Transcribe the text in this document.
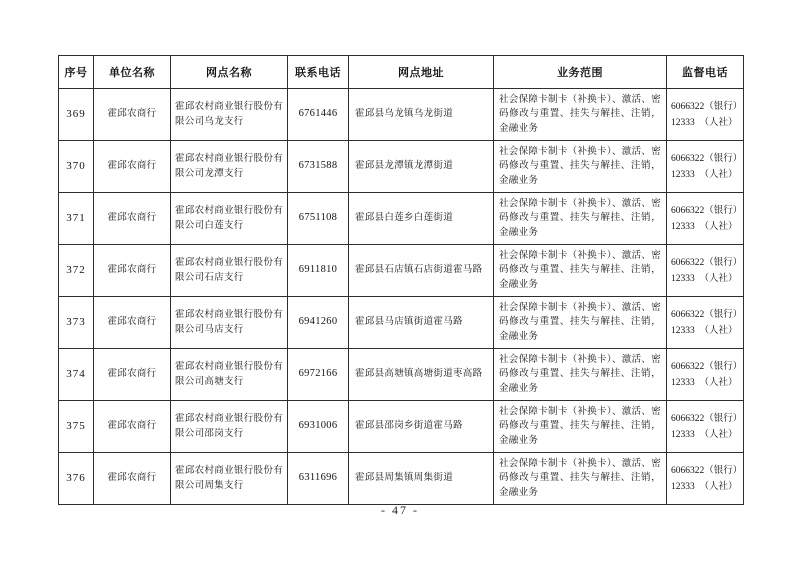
序号	单位名称	网点名称	联系电话	网点地址	业务范围	监督电话
369	霍邱农商行	霍邱农村商业银行股份有限公司乌龙支行	6761446	霍邱县乌龙镇乌龙街道	社会保障卡制卡（补换卡）、激活、密码修改与重置、挂失与解挂、注销，金融业务	6066322（银行）
12333　（人社）

370	霍邱农商行	霍邱农村商业银行股份有限公司龙潭支行	6731588	霍邱县龙潭镇龙潭街道	社会保障卡制卡（补换卡）、激活、密码修改与重置、挂失与解挂、注销，金融业务	6066322（银行）
12333　（人社）

371	霍邱农商行	霍邱农村商业银行股份有限公司白莲支行	6751108	霍邱县白莲乡白莲街道	社会保障卡制卡（补换卡）、激活、密码修改与重置、挂失与解挂、注销，金融业务	6066322（银行）
12333　（人社）

372	霍邱农商行	霍邱农村商业银行股份有限公司石店支行	6911810	霍邱县石店镇石店街道霍马路	社会保障卡制卡（补换卡）、激活、密码修改与重置、挂失与解挂、注销，金融业务	6066322（银行）
12333　（人社）

373	霍邱农商行	霍邱农村商业银行股份有限公司马店支行	6941260	霍邱县马店镇街道霍马路	社会保障卡制卡（补换卡）、激活、密码修改与重置、挂失与解挂、注销，金融业务	6066322（银行）
12333　（人社）

374	霍邱农商行	霍邱农村商业银行股份有限公司高塘支行	6972166	霍邱县高塘镇高塘街道枣高路	社会保障卡制卡（补换卡）、激活、密码修改与重置、挂失与解挂、注销，金融业务	6066322（银行）
12333　（人社）

375	霍邱农商行	霍邱农村商业银行股份有限公司邵岗支行	6931006	霍邱县邵岗乡街道霍马路	社会保障卡制卡（补换卡）、激活、密码修改与重置、挂失与解挂、注销，金融业务	6066322（银行）
12333　（人社）

376	霍邱农商行	霍邱农村商业银行股份有限公司周集支行	6311696	霍邱县周集镇周集街道	社会保障卡制卡（补换卡）、激活、密码修改与重置、挂失与解挂、注销，金融业务	6066322（银行）
12333　（人社）
- 47 -
